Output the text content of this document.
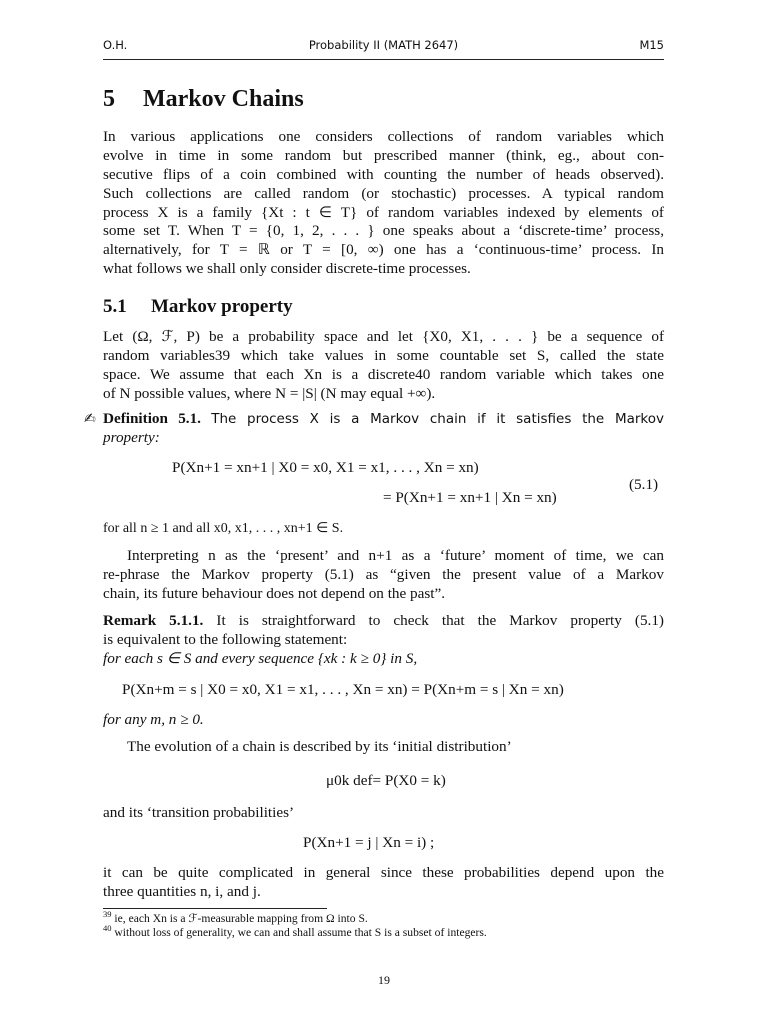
O.H.	Probability II (MATH 2647)	M15
5 Markov Chains
In various applications one considers collections of random variables which
evolve in time in some random but prescribed manner (think, eg., about con-
secutive flips of a coin combined with counting the number of heads observed).
Such collections are called random (or stochastic) processes. A typical random
process X is a family {Xt : t ∈ T} of random variables indexed by elements of
some set T. When T = {0, 1, 2, . . . } one speaks about a ‘discrete-time’ process,
alternatively, for T = ℝ or T = [0, ∞) one has a ‘continuous-time’ process. In
what follows we shall only consider discrete-time processes.
5.1 Markov property
Let (Ω, ℱ, P) be a probability space and let {X0, X1, . . . } be a sequence of
random variables39 which take values in some countable set S, called the state
space. We assume that each Xn is a discrete40 random variable which takes one
of N possible values, where N = |S| (N may equal +∞).
✍ Definition 5.1. The process X is a Markov chain if it satisfies the Markov
property:
P(Xn+1 = xn+1 | X0 = x0, X1 = x1, . . . , Xn = xn)
= P(Xn+1 = xn+1 | Xn = xn)
(5.1)
for all n ≥ 1 and all x0, x1, . . . , xn+1 ∈ S.
Interpreting n as the ‘present’ and n+1 as a ‘future’ moment of time, we can
re-phrase the Markov property (5.1) as “given the present value of a Markov
chain, its future behaviour does not depend on the past”.
Remark 5.1.1. It is straightforward to check that the Markov property (5.1)
is equivalent to the following statement:
for each s ∈ S and every sequence {xk : k ≥ 0} in S,
P(Xn+m = s | X0 = x0, X1 = x1, . . . , Xn = xn) = P(Xn+m = s | Xn = xn)
for any m, n ≥ 0.
The evolution of a chain is described by its ‘initial distribution’
μ0k def= P(X0 = k)
and its ‘transition probabilities’
P(Xn+1 = j | Xn = i) ;
it can be quite complicated in general since these probabilities depend upon the
three quantities n, i, and j.
$^{39}$ ie, each Xn is a ℱ-measurable mapping from Ω into S.
$^{40}$ without loss of generality, we can and shall assume that S is a subset of integers.
19
